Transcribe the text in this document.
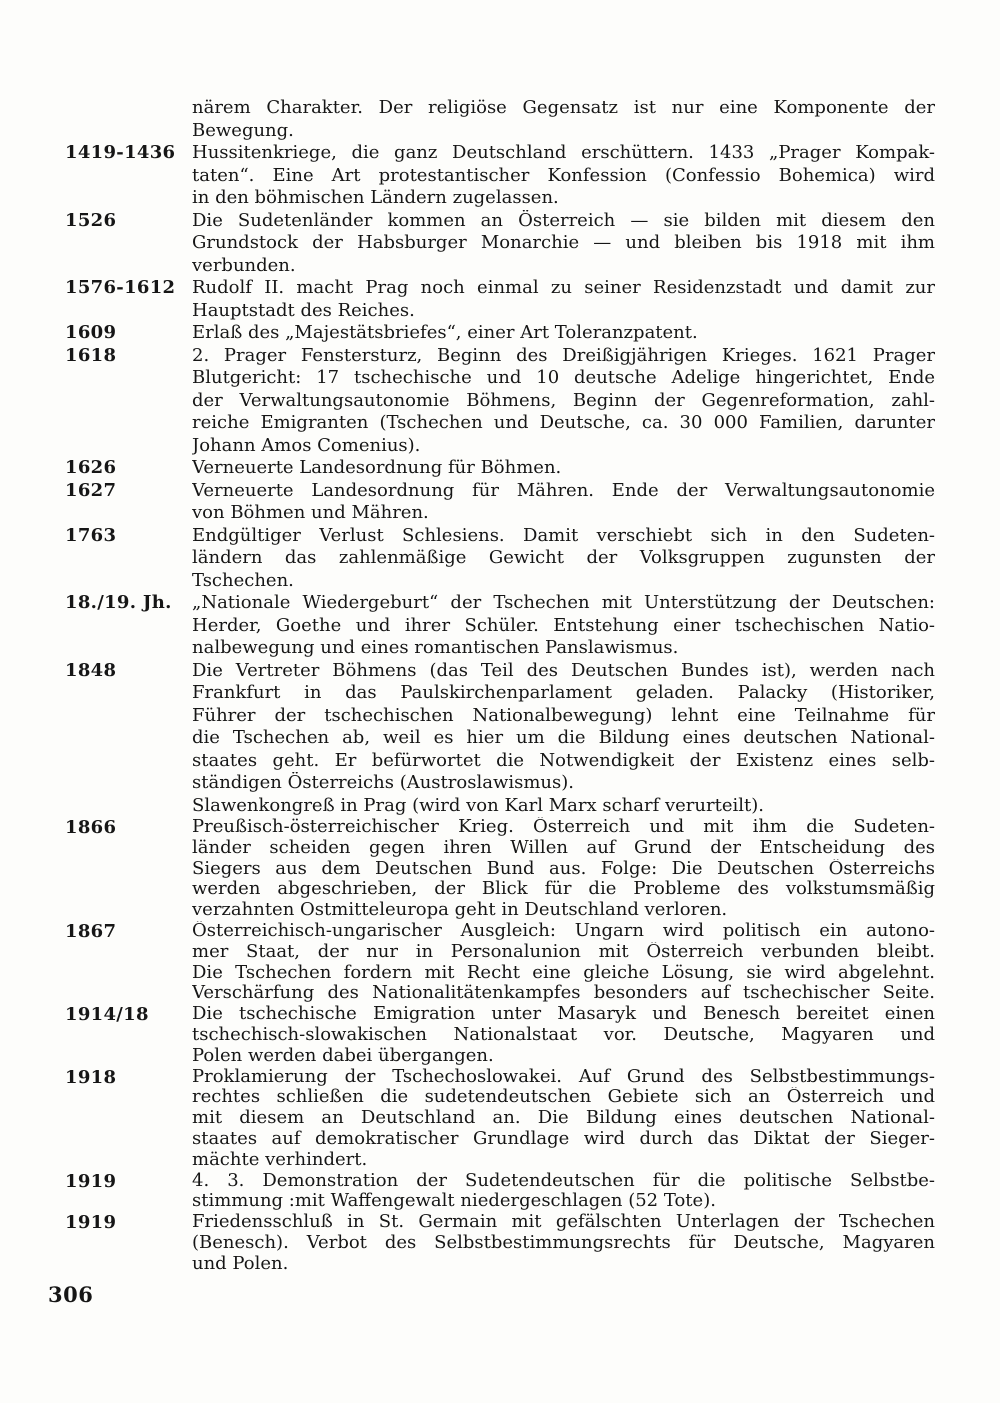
närem Charakter. Der religiöse Gegensatz ist nur eine Komponente der
Bewegung.
1419-1436 Hussitenkriege, die ganz Deutschland erschüttern. 1433 „Prager Kompak-
taten“. Eine Art protestantischer Konfession (Confessio Bohemica) wird
in den böhmischen Ländern zugelassen.
1526	Die Sudetenländer kommen an Österreich — sie bilden mit diesem den
Grundstock der Habsburger Monarchie — und bleiben bis 1918 mit ihm
verbunden.
1576-1612 Rudolf II. macht Prag noch einmal zu seiner Residenzstadt und damit zur
Hauptstadt des Reiches.
1609	Erlaß des „Majestätsbriefes“, einer Art Toleranzpatent.
1618	2. Prager Fenstersturz, Beginn des Dreißigjährigen Krieges. 1621 Prager
Blutgericht: 17 tschechische und 10 deutsche Adelige hingerichtet, Ende
der Verwaltungsautonomie Böhmens, Beginn der Gegenreformation, zahl-
reiche Emigranten (Tschechen und Deutsche, ca. 30 000 Familien, darunter
Johann Amos Comenius).
1626	Verneuerte Landesordnung für Böhmen.
1627	Verneuerte Landesordnung für Mähren. Ende der Verwaltungsautonomie
von Böhmen und Mähren.
1763	Endgültiger Verlust Schlesiens. Damit verschiebt sich in den Sudeten-
ländern das zahlenmäßige Gewicht der Volksgruppen zugunsten der
Tschechen.
18./19. Jh. „Nationale Wiedergeburt“ der Tschechen mit Unterstützung der Deutschen:
Herder, Goethe und ihrer Schüler. Entstehung einer tschechischen Natio-
nalbewegung und eines romantischen Panslawismus.
1848	Die Vertreter Böhmens (das Teil des Deutschen Bundes ist), werden nach
Frankfurt in das Paulskirchenparlament geladen. Palacky (Historiker,
Führer der tschechischen Nationalbewegung) lehnt eine Teilnahme für
die Tschechen ab, weil es hier um die Bildung eines deutschen National-
staates geht. Er befürwortet die Notwendigkeit der Existenz eines selb-
ständigen Österreichs (Austroslawismus).
Slawenkongreß in Prag (wird von Karl Marx scharf verurteilt).
1866	Preußisch-österreichischer Krieg. Österreich und mit ihm die Sudeten-
länder scheiden gegen ihren Willen auf Grund der Entscheidung des
Siegers aus dem Deutschen Bund aus. Folge: Die Deutschen Österreichs
werden abgeschrieben, der Blick für die Probleme des volkstumsmäßig
verzahnten Ostmitteleuropa geht in Deutschland verloren.
1867	Österreichisch-ungarischer Ausgleich: Ungarn wird politisch ein autono-
mer Staat, der nur in Personalunion mit Österreich verbunden bleibt.
Die Tschechen fordern mit Recht eine gleiche Lösung, sie wird abgelehnt.
Verschärfung des Nationalitätenkampfes besonders auf tschechischer Seite.
1914/18 Die tschechische Emigration unter Masaryk und Benesch bereitet einen
tschechisch-slowakischen Nationalstaat vor. Deutsche, Magyaren und
Polen werden dabei übergangen.
1918	Proklamierung der Tschechoslowakei. Auf Grund des Selbstbestimmungs-
rechtes schließen die sudetendeutschen Gebiete sich an Österreich und
mit diesem an Deutschland an. Die Bildung eines deutschen National-
staates auf demokratischer Grundlage wird durch das Diktat der Sieger-
mächte verhindert.
1919	4. 3. Demonstration der Sudetendeutschen für die politische Selbstbe-
stimmung :mit Waffengewalt niedergeschlagen (52 Tote).
1919	Friedensschluß in St. Germain mit gefälschten Unterlagen der Tschechen
(Benesch). Verbot des Selbstbestimmungsrechts für Deutsche, Magyaren
und Polen.
306
